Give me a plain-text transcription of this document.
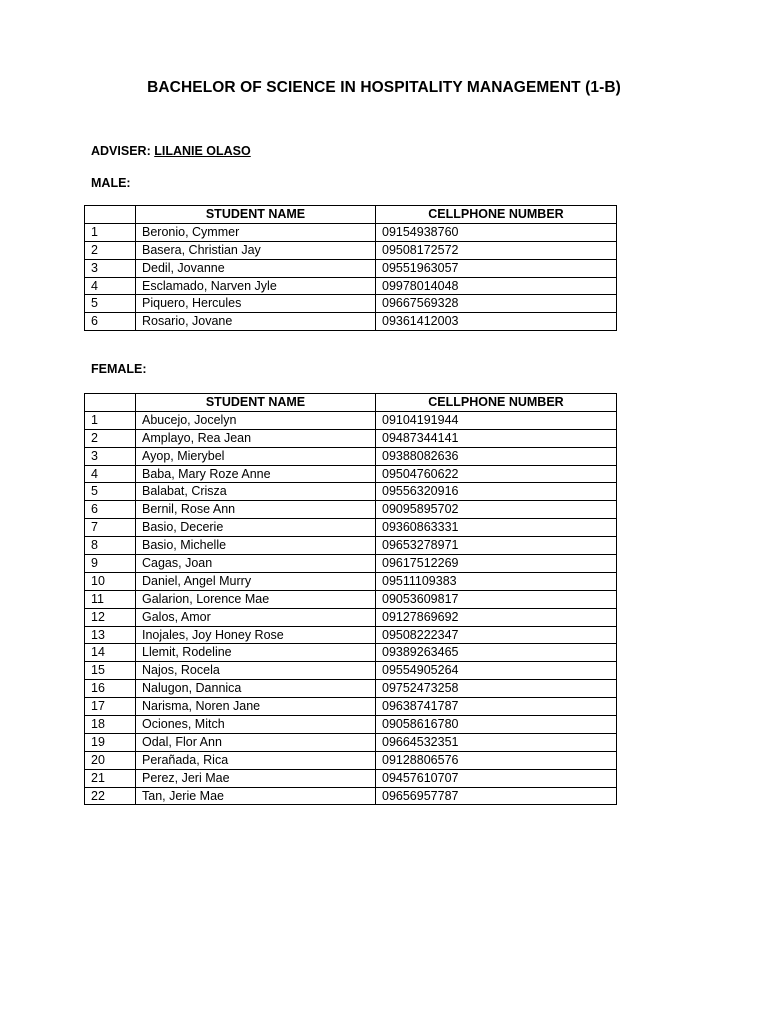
BACHELOR OF SCIENCE IN HOSPITALITY MANAGEMENT (1-B)
ADVISER: LILANIE OLASO
MALE:
	STUDENT NAME	CELLPHONE NUMBER
1	Beronio, Cymmer	09154938760
2	Basera, Christian Jay	09508172572
3	Dedil, Jovanne	09551963057
4	Esclamado, Narven Jyle	09978014048
5	Piquero, Hercules	09667569328
6	Rosario, Jovane	09361412003
FEMALE:
	STUDENT NAME	CELLPHONE NUMBER
1	Abucejo, Jocelyn	09104191944
2	Amplayo, Rea Jean	09487344141
3	Ayop, Mierybel	09388082636
4	Baba, Mary Roze Anne	09504760622
5	Balabat, Crisza	09556320916
6	Bernil, Rose Ann	09095895702
7	Basio, Decerie	09360863331
8	Basio, Michelle	09653278971
9	Cagas, Joan	09617512269
10	Daniel, Angel Murry	09511109383
11	Galarion, Lorence Mae	09053609817
12	Galos, Amor	09127869692
13	Inojales, Joy Honey Rose	09508222347
14	Llemit, Rodeline	09389263465
15	Najos, Rocela	09554905264
16	Nalugon, Dannica	09752473258
17	Narisma, Noren Jane	09638741787
18	Ociones, Mitch	09058616780
19	Odal, Flor Ann	09664532351
20	Perañada, Rica	09128806576
21	Perez, Jeri Mae	09457610707
22	Tan, Jerie Mae	09656957787
